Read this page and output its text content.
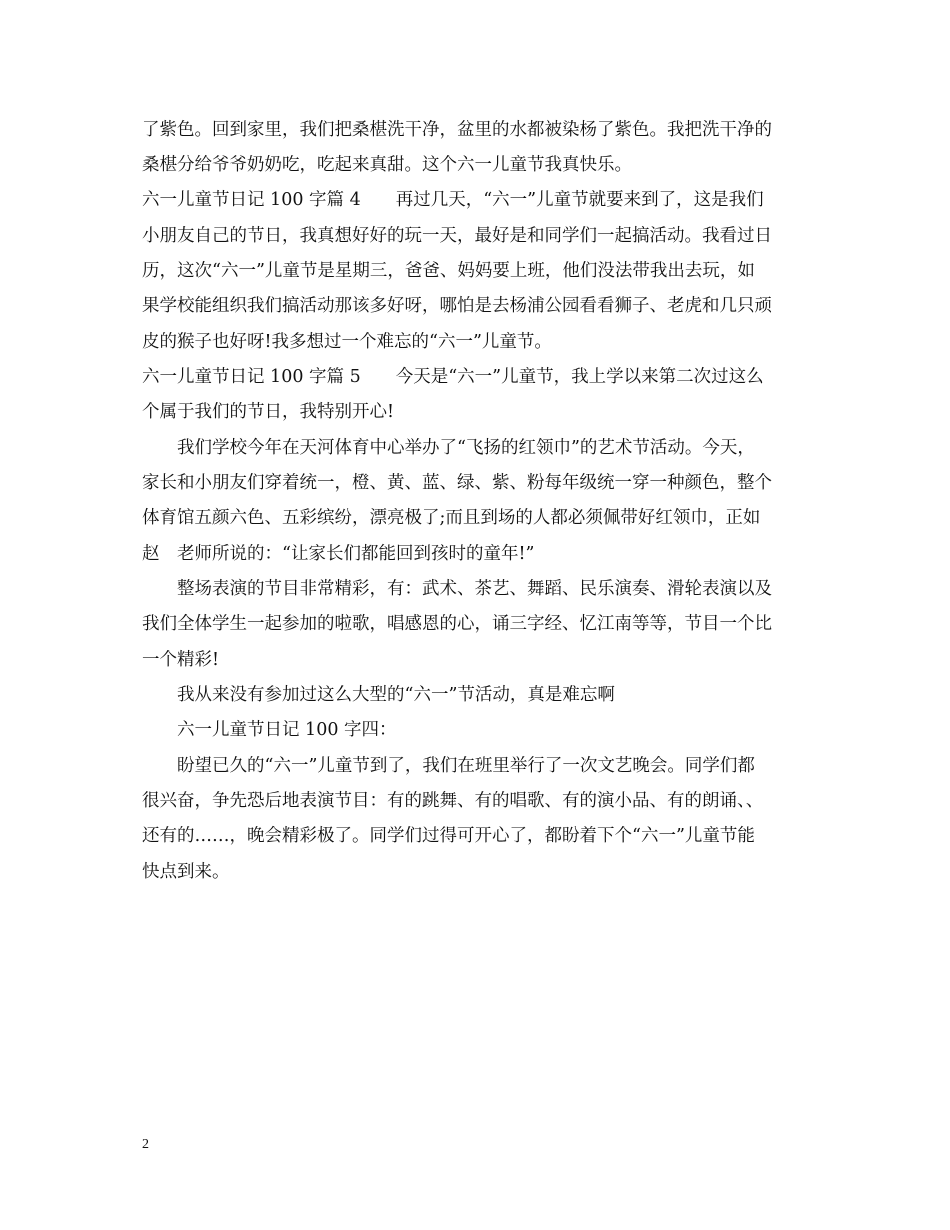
了紫色。回到家里，我们把桑椹洗干净，盆里的水都被染杨了紫色。我把洗干净的
桑椹分给爷爷奶奶吃，吃起来真甜。这个六一儿童节我真快乐。
六一儿童节日记 100 字篇 4　　再过几天，“六一”儿童节就要来到了，这是我们
小朋友自己的节日，我真想好好的玩一天，最好是和同学们一起搞活动。我看过日
历，这次“六一”儿童节是星期三，爸爸、妈妈要上班，他们没法带我出去玩，如
果学校能组织我们搞活动那该多好呀，哪怕是去杨浦公园看看狮子、老虎和几只顽
皮的猴子也好呀!我多想过一个难忘的“六一”儿童节。
六一儿童节日记 100 字篇 5　　今天是“六一”儿童节，我上学以来第二次过这么
个属于我们的节日，我特别开心!
我们学校今年在天河体育中心举办了“飞扬的红领巾”的艺术节活动。今天，
家长和小朋友们穿着统一，橙、黄、蓝、绿、紫、粉每年级统一穿一种颜色，整个
体育馆五颜六色、五彩缤纷，漂亮极了;而且到场的人都必须佩带好红领巾，正如
赵　老师所说的：“让家长们都能回到孩时的童年!”
整场表演的节目非常精彩，有：武术、茶艺、舞蹈、民乐演奏、滑轮表演以及
我们全体学生一起参加的啦歌，唱感恩的心，诵三字经、忆江南等等，节目一个比
一个精彩!
我从来没有参加过这么大型的“六一”节活动，真是难忘啊
六一儿童节日记 100 字四：
盼望已久的“六一”儿童节到了，我们在班里举行了一次文艺晚会。同学们都
很兴奋，争先恐后地表演节目：有的跳舞、有的唱歌、有的演小品、有的朗诵、、
还有的……，晚会精彩极了。同学们过得可开心了，都盼着下个“六一”儿童节能
快点到来。
2
